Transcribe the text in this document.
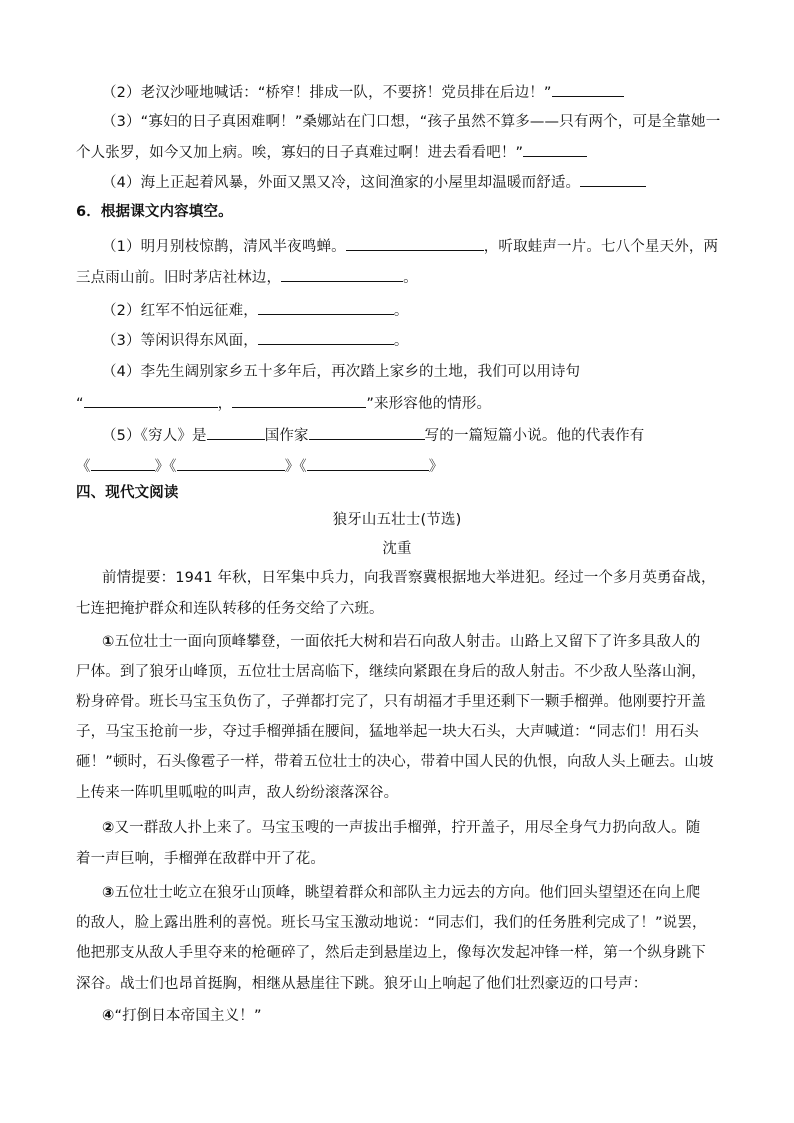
（2）老汉沙哑地喊话：“桥窄！排成一队，不要挤！党员排在后边！”
（3）“寡妇的日子真困难啊！”桑娜站在门口想，“孩子虽然不算多——只有两个，可是全靠她一
个人张罗，如今又加上病。唉，寡妇的日子真难过啊！进去看看吧！”
（4）海上正起着风暴，外面又黑又冷，这间渔家的小屋里却温暖而舒适。
6．根据课文内容填空。
（1）明月别枝惊鹊，清风半夜鸣蝉。	，听取蛙声一片。七八个星天外，两
三点雨山前。旧时茅店社林边，	。
（2）红军不怕远征难，	。
（3）等闲识得东风面，	。
（4）李先生阔别家乡五十多年后，再次踏上家乡的土地，我们可以用诗句
“	，	”来形容他的情形。
（5）《穷人》是	国作家	写的一篇短篇小说。他的代表作有
《	》《	》《	》
四、现代文阅读
狼牙山五壮士(节选)
沈重
前情提要：1941 年秋，日军集中兵力，向我晋察冀根据地大举进犯。经过一个多月英勇奋战，
七连把掩护群众和连队转移的任务交给了六班。
①五位壮士一面向顶峰攀登，一面依托大树和岩石向敌人射击。山路上又留下了许多具敌人的
尸体。到了狼牙山峰顶，五位壮士居高临下，继续向紧跟在身后的敌人射击。不少敌人坠落山涧，
粉身碎骨。班长马宝玉负伤了，子弹都打完了，只有胡福才手里还剩下一颗手榴弹。他刚要拧开盖
子，马宝玉抢前一步，夺过手榴弹插在腰间，猛地举起一块大石头，大声喊道：“同志们！用石头
砸！”顿时，石头像雹子一样，带着五位壮士的决心，带着中国人民的仇恨，向敌人头上砸去。山坡
上传来一阵叽里呱啦的叫声，敌人纷纷滚落深谷。
②又一群敌人扑上来了。马宝玉嗖的一声拔出手榴弹，拧开盖子，用尽全身气力扔向敌人。随
着一声巨响，手榴弹在敌群中开了花。
③五位壮士屹立在狼牙山顶峰，眺望着群众和部队主力远去的方向。他们回头望望还在向上爬
的敌人，脸上露出胜利的喜悦。班长马宝玉激动地说：“同志们，我们的任务胜利完成了！”说罢，
他把那支从敌人手里夺来的枪砸碎了，然后走到悬崖边上，像每次发起冲锋一样，第一个纵身跳下
深谷。战士们也昂首挺胸，相继从悬崖往下跳。狼牙山上响起了他们壮烈豪迈的口号声：
④“打倒日本帝国主义！”
